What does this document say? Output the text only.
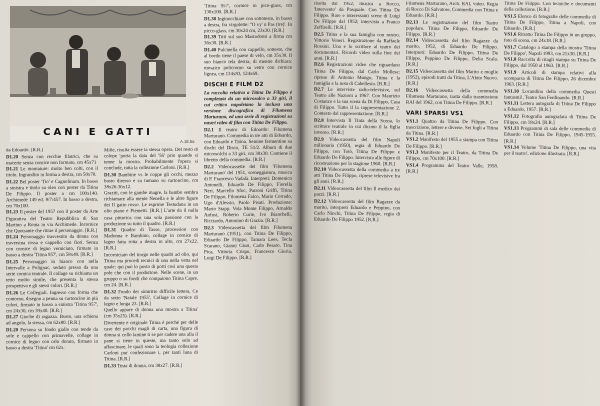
CANI E GATTI
A.18.5a

da Edoardo. [R.R.]

D1.20 Senza con recchie filatrici, che su macerie senza cornice non formato, cm 45x71

D1.21 Le montature: molto ben colti, con il titolo. Ingrandito in forma a destra, cm 50x70.

D1.22 Bel poster 'Tio' e Cagnolinum. In basso a sinistra e titolo su oleo con poster da Titina De Filippo. Il poster a cm 100x140. Archimede 149 ed. 8/7/457. In basso a destra, cm 70x100.

D1.23 Il poster del 1957 con il poster da Arte Figurativa del Teatro Repubblica di San Martino a Roma in via Archimede. Incornice che Quotsante che ritrae il personaggio. [R.R.]

D1.24 Personaggio trasvestito da donna con traversina rossa e cappello con fiori. Senza con cornice di legno verniciato, firmato in basso a destra 'Titina 957', cm 58x49. [R.R.]

D1.25 Personaggio in bianco con nella Intervalle a Polignac, seduto presso da una serie comica teatrale. Il collage su richiama un tetto molto simile, che presenta la stessa prospettiva e gli stessi colori. [R.R.]

D1.26 Le Collegiali. Ingresso con forma che contorno, disegno a penna su cartoncino in più colori, firmato in basso a sinistra 'Titina 957', cm 24x30, cm 39x40. [R.R.]

D1.27 Gioche di ragazza. Busto, una schiena ad angolo, la stessa, cm 62x80. [R.R.]

D1.28 Persona su fondo giallo con tende da sole e cappello con primavelle, collage in cornice di legno con orlo dorato, firmato in basso a destra 'Titina' cm 62x.

Mille, risulta essere la stessa opera. Del resto di colope 'porta la data del '56' prio quando si tenne la mostra. Probabilmente l'opera si conclude, tutta la collezione Carloni. [R.R.]

D1.30 Bambine vs le coppe gli occhi, mezzo busto diresso e su tumano su cartoncino, cm 38x26-36x12.

Graziti, con le gambe magre, la bambo sembra richiamare alla mente Nenella e le altre figure dei Il gatto rosso. Le esprime Testudana in un olio piano e Piemetti. [R.R.] L'arte da il nulla casa pittorica con una sola passione con la produzione su tutto il quadro. [R.R.]

D1.31 Quadro di Tasso, procession con Madonna e Bambino, collage in cornice di legno fatta rotta a destra in alto, cm 27x22. [R.R.]

Incorniciato del tiorgo nelle quadri ad olio, qui Titina ma procedi tecnici di una nella vetta nel quale: qui può lo posto di porti così una questa pole che con il produttore. Nelle scene, in un gruppo o su fondi che compaiono Titina Capre, cm 24. [R.R.]

D1.32 Fondo dei simiritto difficile lettera, Ce da sotto 'Natale 1955', Collage in cornice di legno e lunga 23. [R.R.]

Quello appare di donna una mostra a Titina' (cm 35x25). [R.R.]

Divertente e originale Titina è perché per delle case dei pacchi magli di carta, una figura di donna si collo lamine ti se per cadere una alla il pane si tiene in queste, ma tanto solo ad affascinare, le quali sono la teologia collezione Carloni pur confezionare i, per tanti luna di Titina. [R.R.]

D1.33 Testa di donna, cm 38x27. [R.R.]

'Titina 957', cornice in pico-glass, cm 130x100. [R.R.]

D1.38 Inginocchiare con sottotesto, in basso a destra, fra virgolette: ''O vy' n Pas (tre)'. In picco-glass, cm 30x24 cm, 23x30. [R.R.]

D1.39 Titti sul suo Mastodonti a firma cm 36x30. [R.R.]

D1.40 Pulcinella con cappello, sottesto, che al bordo tiene il paese di velo, cm 35x30. Il suo bianco tela destra, di mentre dichiara: mosaico policromo su vetro con cornice lignea, cm 134x83, 124x69.

DISCHI E FILM D2

La raccolta relativa a Titina De Filippo è completata da un microsolco a 33 giri, il cui critico napoletano la inclusa una versione discografica di Filumena Marturano, ed una serie di registrazioni su nastri video di film con Titina De Filippo.

D2.1 Il teatro di Edoardo: Filumena Marturano. Commedia in tre atti di Edoardo, con Edoardo e Titina. Semine fermentine su dischi del Disco, TE 51/2. Album di due microsolchi a 33 giri, cm 30x30. Contiene il libretto della commedia. [R.R.]

D2.2 Videocassette del film 'Filumena Marturano' del 1951, sceneggiatura, musica di P. Francesco Vadalà. Interpreti: Domenico Antonelli, Eduardo De Filippo, Fiorella Neri, Marcello Sfoc, Patroni Griffi, Titina De Filippo, Filomena Falco, Mario Corrado, Ugo d'Alessio, Paolo Pisati. Produzione: Mario Stapp. Vola Monte Filippo, Arnaldo Anfusi, Roberto Curie, Ivo Bianchelli, Ricciardo, Antonino di Grazia. [R.R.]

D2.3 Videocassetta del film Filumena Marturano (1951), con Titina De Filippo, Eduardo De Filippo, Tamara Lees, Tecla Scarano, Gianni Giuri, Carlo Pesaro. Tina Pica, Vittoria Crispo, Francesco Giuria, Luigi De Filippo. [R.R.]

risolta dal 1952, musica a Rocco, 'Intervento' da Pasquale. Con Titina De Filippo. Rare e interessanti scene di Luigi De Filippo dal 1952; intervista a Franco Zeffirelli. [R.R.]

D2.5 Titina e la sua famiglia con nostro. Vittorio Veneri. Registrazione da Raffaele Rossini. Una e lo scrittore al teatro dei documentari. Ricordi video sulla fine dei anni. [R.R.]

D2.6 Registrazioni video che riguardano Titina De Filippo, dal Carlo Mollese: riprese di Antonio Mungo, Titina e la famiglia e la nota di Cabellesio. [R.R.]

D2.7 Le interviste radio-televisive, sul Teatro alle Nazioni a 1967. Con Maurizio Costanzo e la sua scena da Di Filippo, Casa di Filippo. Tutto il la rappresentazione 2. Contesto dal rappresentazione. [R.R.]

D2.8 Intervista Il Tinta della Scena, lo scrittore teatrale in cui dicono il la figlia inverno. [R.R.]

D2.9 Videocassetta del film Napoli milionaria (1950), regia di Eduardo De Filippo, con Totò, Titina De Filippo e Eduardo De Filippo. Intervista alle figure di ricostruzione per la stagione 1960. [R.R.]

D2.10 Videocassetta della commedia a tre atti Titina De Filippo, riprese televisive fra gli anni. [R.R.]

D2.11 Videocassetta del film Il medico dei pazzi. [R.R.]

D2.12 Videocassetta del film Ragazze da marito, interpreti Eduardo e Peppino, con Carlo Ninchi, Titina De Filippo, regia di Eduardo De Filippo 1952. [R.R.]

Filumena Marturano, Arch. RAI, video. Regia di Rocco Di Salvatore, Commedia con Titina e Eduardo. [R.R.]

D2.13 Le registrazione del film Teatro popolare. Titina De Filippo, Eduardo De Filippo. [R.R.]

D2.14 Videocassetta del film Ragazze da marito, 1952, di Eduardo De Filippo. Interpreti: Eduardo De Filippo, Titina De Filippo, Peppino De Filippo, Delia Scala. [R.R.]

D2.15 Videocassetta del film Marito e moglie (1952), episodi tratti da Titina, L'Abito Nuovo. [R.R.]

D2.16 Videocassetta della commedia Filumena Marturano, tratta dalla trasmissione RAI del 1962, con Titina De Filippo. [R.R.]

VARI SPARSI VS1

VS1.1 Quattro da Titina De Filippo. Con trascrizione, lettere e diverse. Sei fogli a Titina da Titina. [R.R.]

VS1.2 Manifesto del 1955 a stampa con Titina De Filippo. [R.R.]

VS1.3 Manifesto per il Teatro, da Titina De Filippo, cm 70x100. [R.R.]

VS1.4 Programma del Teatro Valle, 1958. [R.R.]

Titina De Filippo. Con tecniche e documenti della collezione. [R.R.]

VS1.5 Elenco di fotografie delle commedie di Titina De Filippo, Titina a Napoli, con Eduardo. [R.R.]

VS1.6 Ritratto Titina De Filippo in un gruppo, foto di scena, cm 24x18. [R.R.]

VS1.7 Catalogo a stampa della mostra 'Titina De Filippo', Napoli 1993, cm 21x30. [R.R.]

VS1.8 Raccolta di ritagli stampa su Titina De Filippo, dal 1950 al 1963. [R.R.]

VS1.9 Articoli di stampa relativi alla scomparsa di Titina De Filippo, 26 dicembre 1963. [R.R.]

VS1.10 Locandina della commedia Questi fantasmi!, Teatro San Ferdinando. [R.R.]

VS1.11 Lettera autografa di Titina De Filippo a Eduardo, 1957. [R.R.]

VS1.12 Fotografia autografata di Titina De Filippo, cm 18x24. [R.R.]

VS1.13 Programmi di sala delle commedie di Eduardo con Titina De Filippo, 1945-1955. [R.R.]

VS1.14 Volume 'Titina De Filippo, una vita per il teatro', edizione illustrata. [R.R.]
